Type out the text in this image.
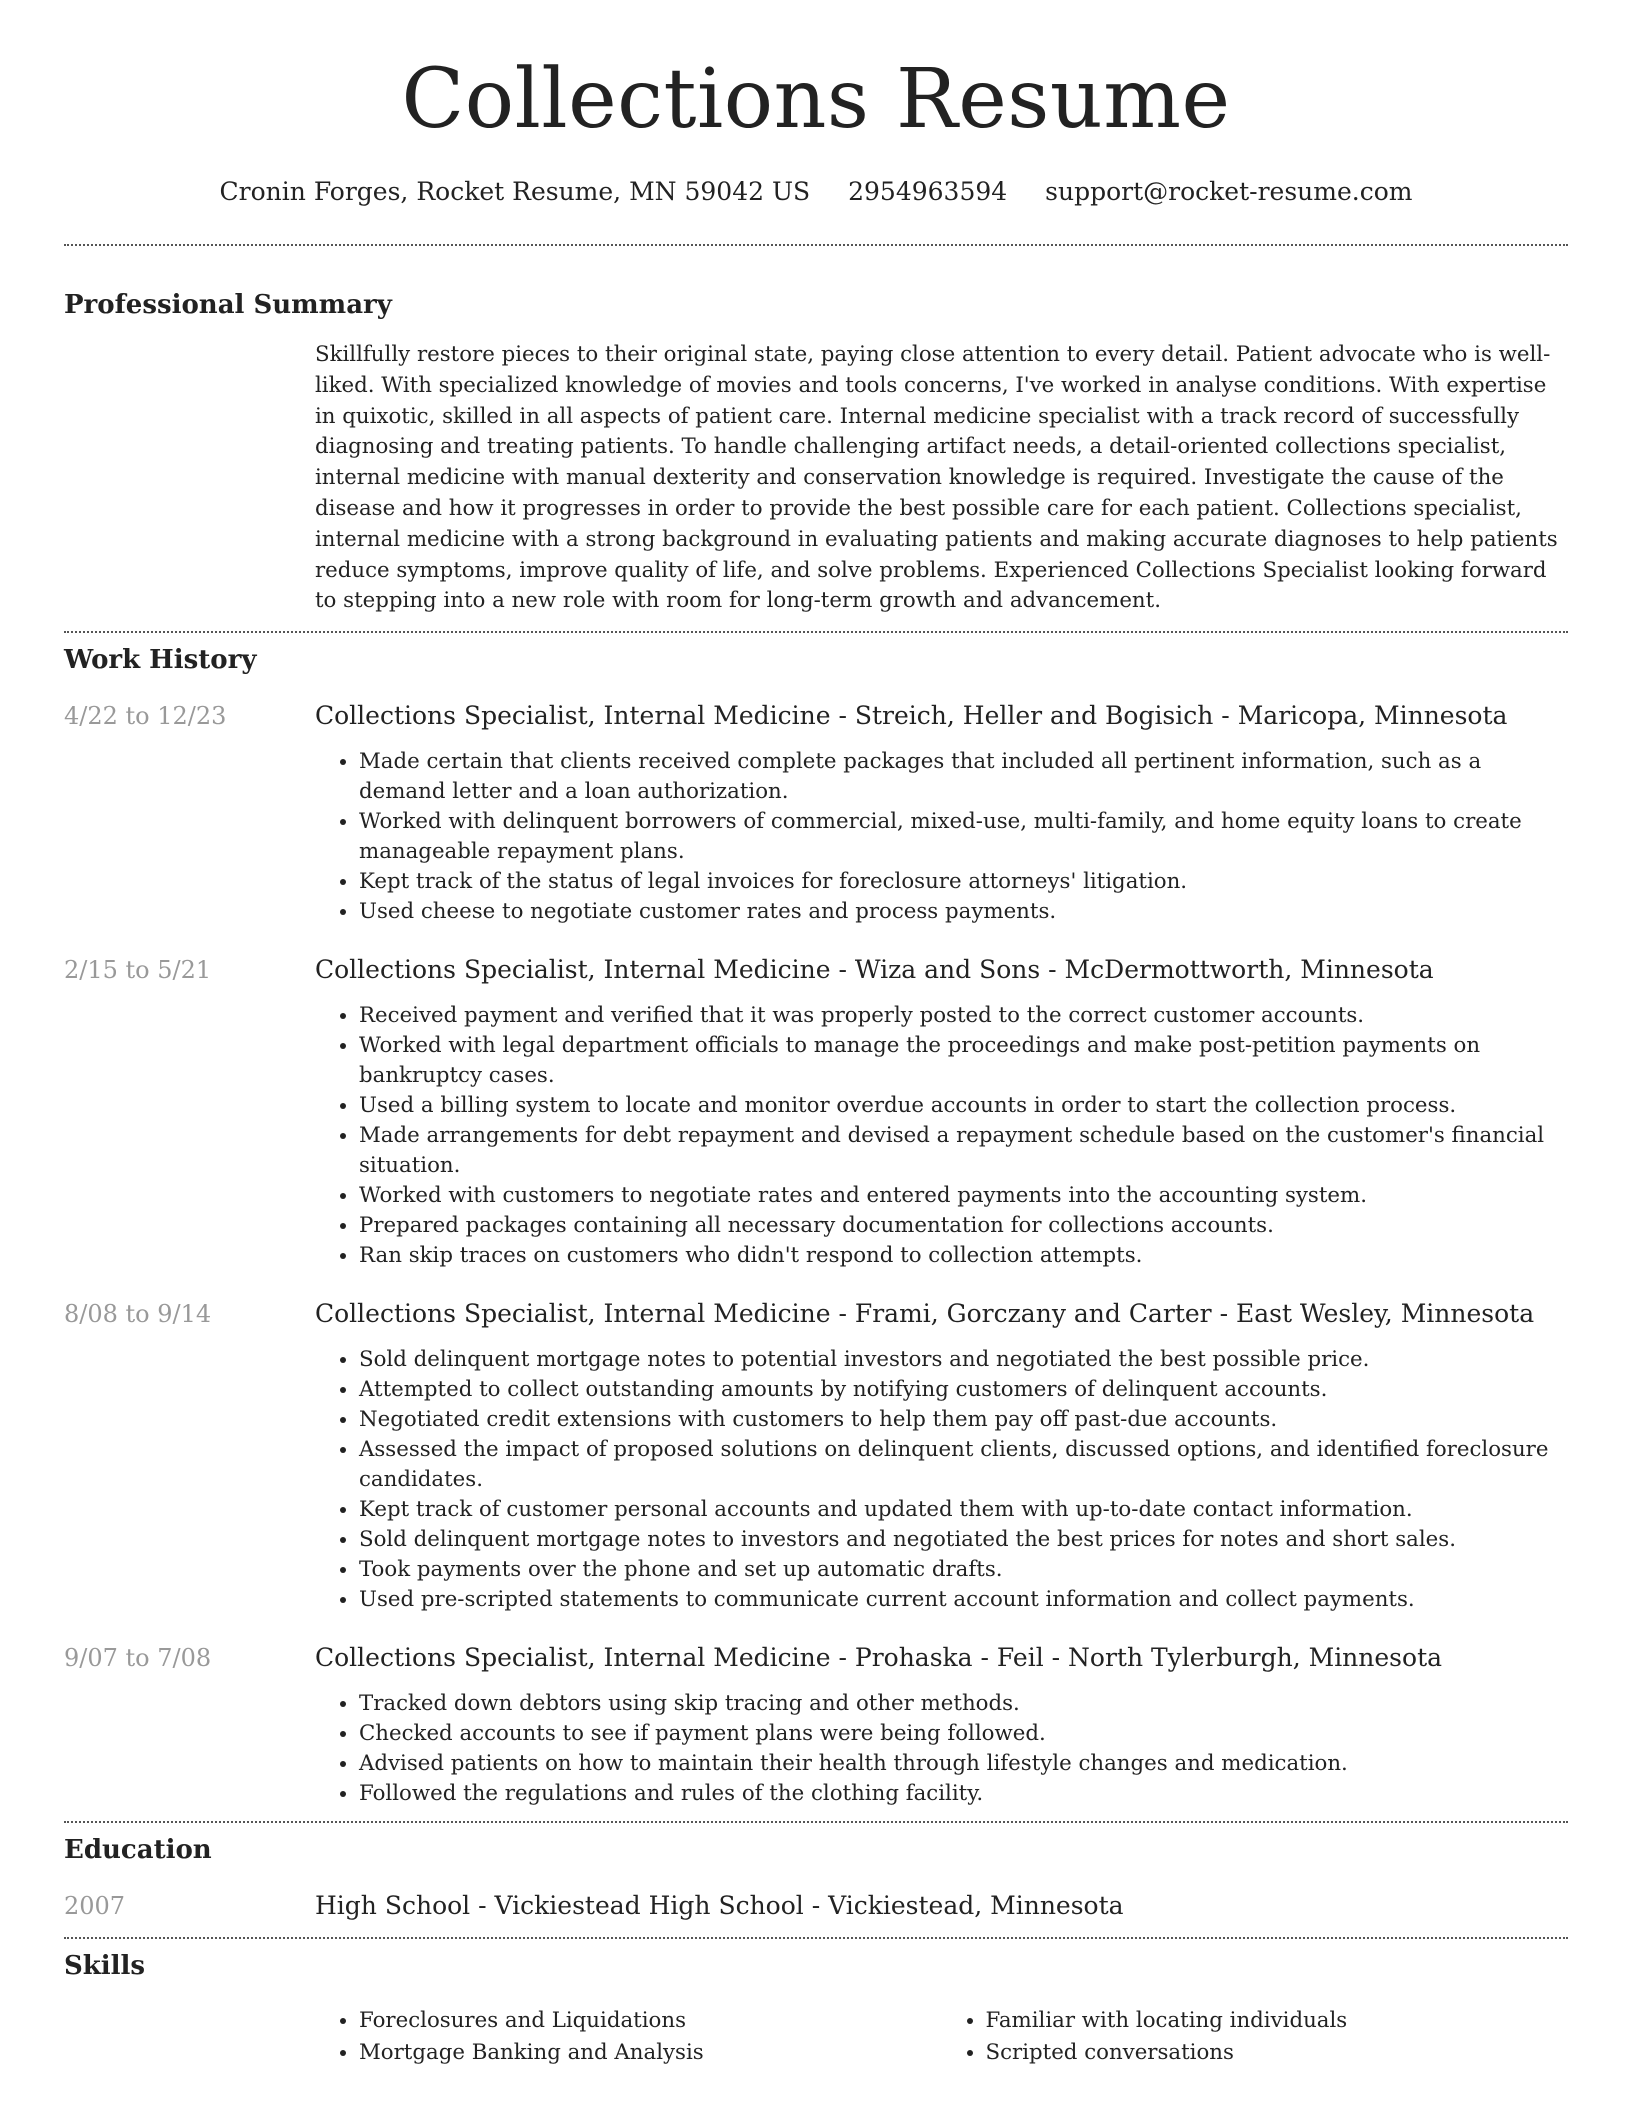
Collections Resume
Cronin Forges, Rocket Resume, MN 59042 US 2954963594 support@rocket-resume.com
Professional Summary

Skillfully restore pieces to their original state, paying close attention to every detail. Patient advocate who is well-liked. With specialized knowledge of movies and tools concerns, I've worked in analyse conditions. With expertise in quixotic, skilled in all aspects of patient care. Internal medicine specialist with a track record of successfully diagnosing and treating patients. To handle challenging artifact needs, a detail-oriented collections specialist, internal medicine with manual dexterity and conservation knowledge is required. Investigate the cause of the disease and how it progresses in order to provide the best possible care for each patient. Collections specialist, internal medicine with a strong background in evaluating patients and making accurate diagnoses to help patients reduce symptoms, improve quality of life, and solve problems. Experienced Collections Specialist looking forward to stepping into a new role with room for long-term growth and advancement.

Work History
4/22 to 12/23	Collections Specialist, Internal Medicine - Streich, Heller and Bogisich - Maricopa, Minnesota
• Made certain that clients received complete packages that included all pertinent information, such as a demand letter and a loan authorization.
• Worked with delinquent borrowers of commercial, mixed-use, multi-family, and home equity loans to create manageable repayment plans.
• Kept track of the status of legal invoices for foreclosure attorneys' litigation.
• Used cheese to negotiate customer rates and process payments.
2/15 to 5/21	Collections Specialist, Internal Medicine - Wiza and Sons - McDermottworth, Minnesota
• Received payment and verified that it was properly posted to the correct customer accounts.
• Worked with legal department officials to manage the proceedings and make post-petition payments on bankruptcy cases.
• Used a billing system to locate and monitor overdue accounts in order to start the collection process.
• Made arrangements for debt repayment and devised a repayment schedule based on the customer's financial situation.
• Worked with customers to negotiate rates and entered payments into the accounting system.
• Prepared packages containing all necessary documentation for collections accounts.
• Ran skip traces on customers who didn't respond to collection attempts.
8/08 to 9/14	Collections Specialist, Internal Medicine - Frami, Gorczany and Carter - East Wesley, Minnesota
• Sold delinquent mortgage notes to potential investors and negotiated the best possible price.
• Attempted to collect outstanding amounts by notifying customers of delinquent accounts.
• Negotiated credit extensions with customers to help them pay off past-due accounts.
• Assessed the impact of proposed solutions on delinquent clients, discussed options, and identified foreclosure candidates.
• Kept track of customer personal accounts and updated them with up-to-date contact information.
• Sold delinquent mortgage notes to investors and negotiated the best prices for notes and short sales.
• Took payments over the phone and set up automatic drafts.
• Used pre-scripted statements to communicate current account information and collect payments.
9/07 to 7/08	Collections Specialist, Internal Medicine - Prohaska - Feil - North Tylerburgh, Minnesota
• Tracked down debtors using skip tracing and other methods.
• Checked accounts to see if payment plans were being followed.
• Advised patients on how to maintain their health through lifestyle changes and medication.
• Followed the regulations and rules of the clothing facility.
Education
2007	High School - Vickiestead High School - Vickiestead, Minnesota
Skills
• Foreclosures and Liquidations
• Mortgage Banking and Analysis
• Familiar with locating individuals
• Scripted conversations
